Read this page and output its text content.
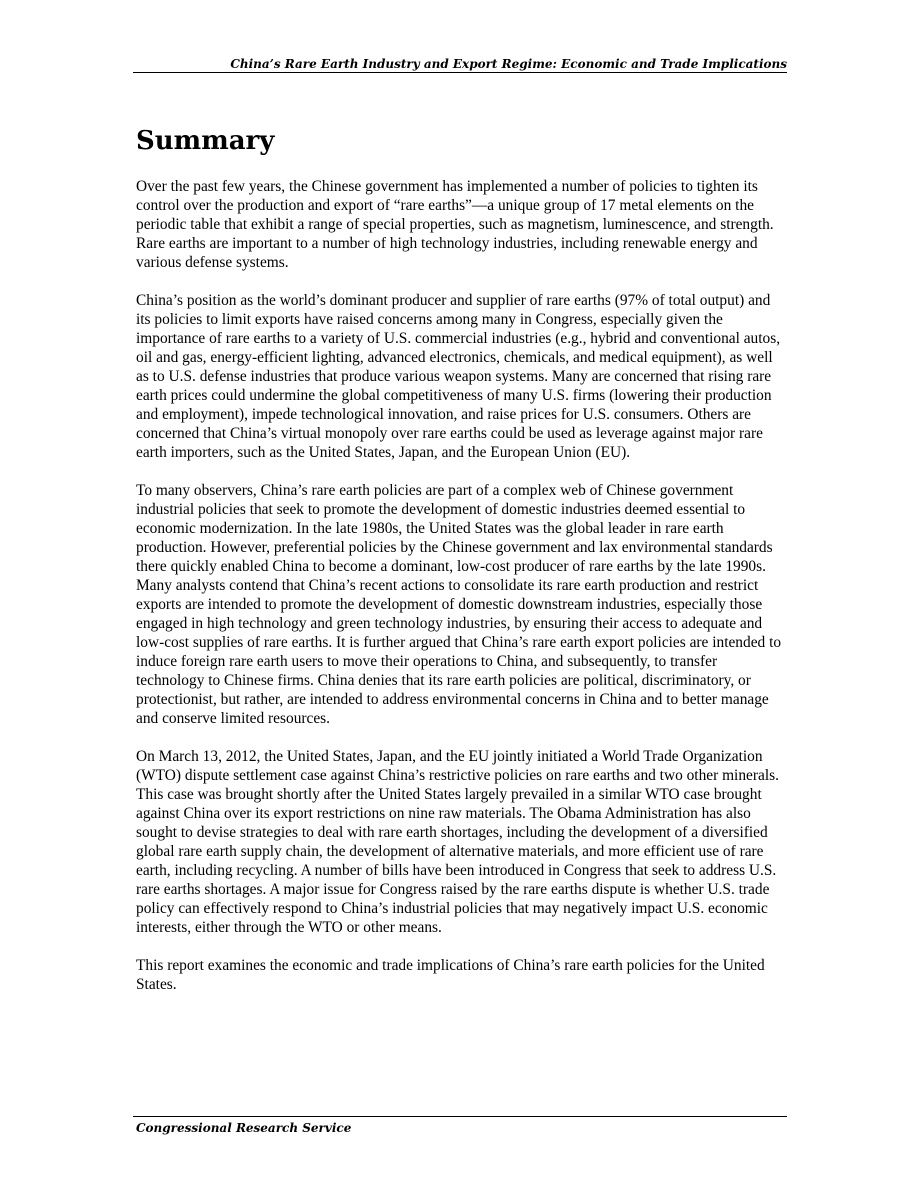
China’s Rare Earth Industry and Export Regime: Economic and Trade Implications
Summary

Over the past few years, the Chinese government has implemented a number of policies to tighten its control over the production and export of “rare earths”—a unique group of 17 metal elements on the periodic table that exhibit a range of special properties, such as magnetism, luminescence, and strength. Rare earths are important to a number of high technology industries, including renewable energy and various defense systems.

China’s position as the world’s dominant producer and supplier of rare earths (97% of total output) and its policies to limit exports have raised concerns among many in Congress, especially given the importance of rare earths to a variety of U.S. commercial industries (e.g., hybrid and conventional autos, oil and gas, energy-efficient lighting, advanced electronics, chemicals, and medical equipment), as well as to U.S. defense industries that produce various weapon systems. Many are concerned that rising rare earth prices could undermine the global competitiveness of many U.S. firms (lowering their production and employment), impede technological innovation, and raise prices for U.S. consumers. Others are concerned that China’s virtual monopoly over rare earths could be used as leverage against major rare earth importers, such as the United States, Japan, and the European Union (EU).

To many observers, China’s rare earth policies are part of a complex web of Chinese government industrial policies that seek to promote the development of domestic industries deemed essential to economic modernization. In the late 1980s, the United States was the global leader in rare earth production. However, preferential policies by the Chinese government and lax environmental standards there quickly enabled China to become a dominant, low-cost producer of rare earths by the late 1990s. Many analysts contend that China’s recent actions to consolidate its rare earth production and restrict exports are intended to promote the development of domestic downstream industries, especially those engaged in high technology and green technology industries, by ensuring their access to adequate and low-cost supplies of rare earths. It is further argued that China’s rare earth export policies are intended to induce foreign rare earth users to move their operations to China, and subsequently, to transfer technology to Chinese firms. China denies that its rare earth policies are political, discriminatory, or protectionist, but rather, are intended to address environmental concerns in China and to better manage and conserve limited resources.

On March 13, 2012, the United States, Japan, and the EU jointly initiated a World Trade Organization (WTO) dispute settlement case against China’s restrictive policies on rare earths and two other minerals. This case was brought shortly after the United States largely prevailed in a similar WTO case brought against China over its export restrictions on nine raw materials. The Obama Administration has also sought to devise strategies to deal with rare earth shortages, including the development of a diversified global rare earth supply chain, the development of alternative materials, and more efficient use of rare earth, including recycling. A number of bills have been introduced in Congress that seek to address U.S. rare earths shortages. A major issue for Congress raised by the rare earths dispute is whether U.S. trade policy can effectively respond to China’s industrial policies that may negatively impact U.S. economic interests, either through the WTO or other means.

This report examines the economic and trade implications of China’s rare earth policies for the United States.

Congressional Research Service
